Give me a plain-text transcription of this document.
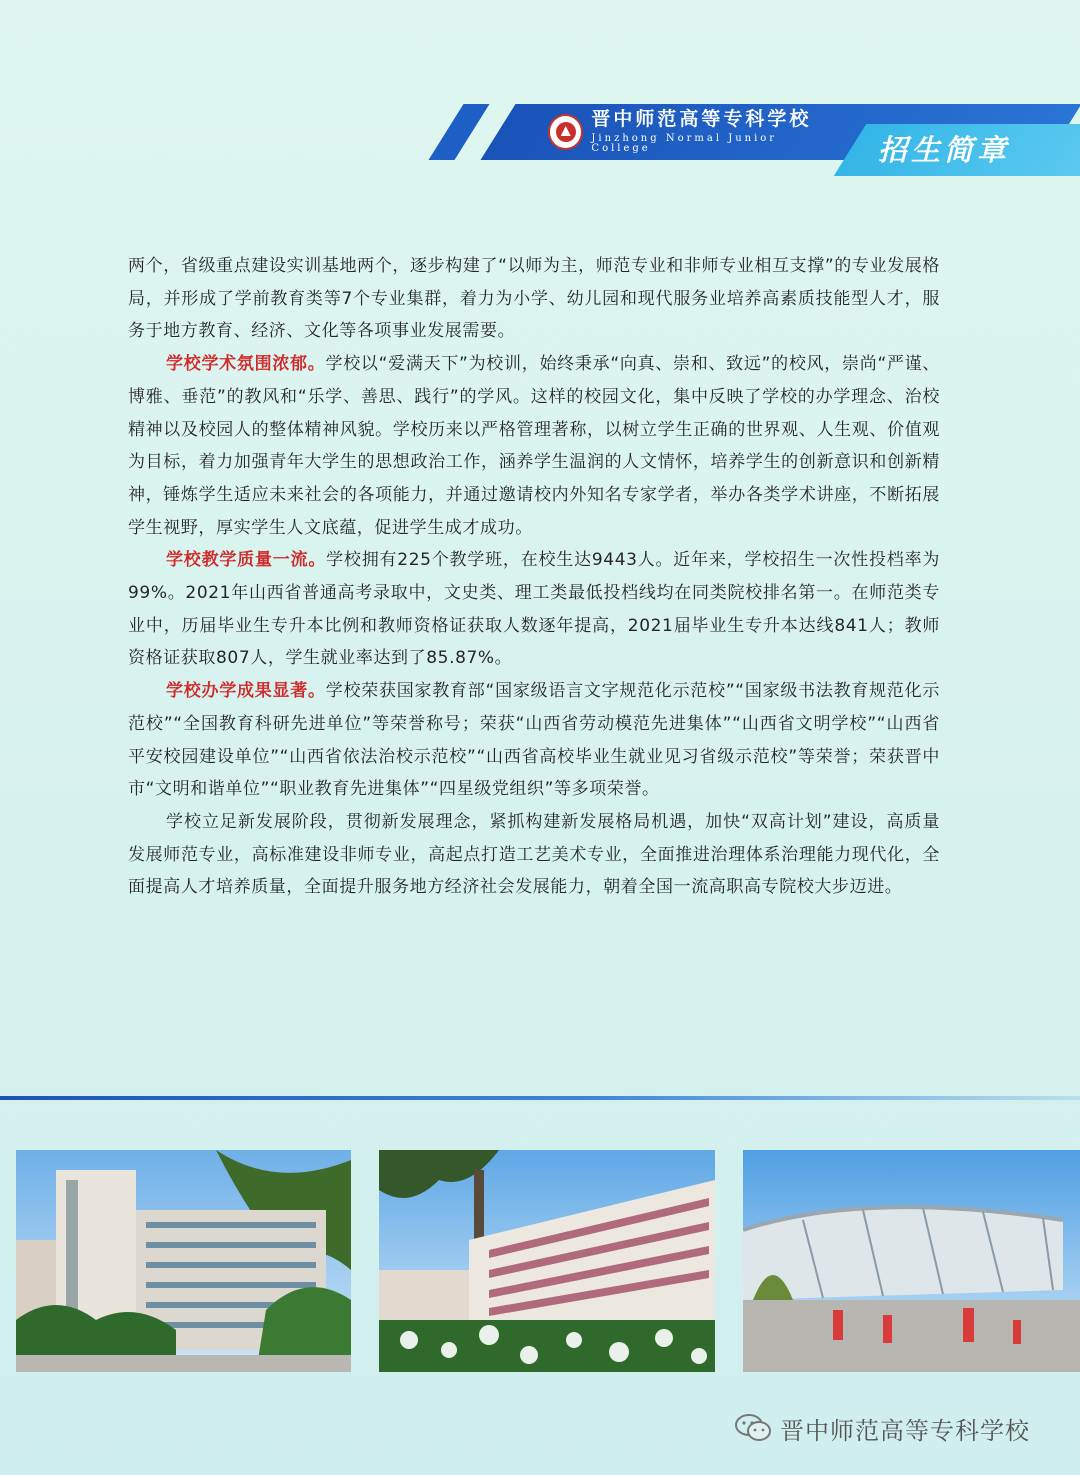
晋中师范高等专科学校
Jinzhong Normal Junior College	招生简章

两个，省级重点建设实训基地两个，逐步构建了“以师为主，师范专业和非师专业相互支撑”的专业发展格局，并形成了学前教育类等7个专业集群，着力为小学、幼儿园和现代服务业培养高素质技能型人才，服务于地方教育、经济、文化等各项事业发展需要。

学校学术氛围浓郁。学校以“爱满天下”为校训，始终秉承“向真、崇和、致远”的校风，崇尚“严谨、博雅、垂范”的教风和“乐学、善思、践行”的学风。这样的校园文化，集中反映了学校的办学理念、治校精神以及校园人的整体精神风貌。学校历来以严格管理著称，以树立学生正确的世界观、人生观、价值观为目标，着力加强青年大学生的思想政治工作，涵养学生温润的人文情怀，培养学生的创新意识和创新精神，锤炼学生适应未来社会的各项能力，并通过邀请校内外知名专家学者，举办各类学术讲座，不断拓展学生视野，厚实学生人文底蕴，促进学生成才成功。

学校教学质量一流。学校拥有225个教学班，在校生达9443人。近年来，学校招生一次性投档率为99%。2021年山西省普通高考录取中，文史类、理工类最低投档线均在同类院校排名第一。在师范类专业中，历届毕业生专升本比例和教师资格证获取人数逐年提高，2021届毕业生专升本达线841人；教师资格证获取807人，学生就业率达到了85.87%。

学校办学成果显著。学校荣获国家教育部“国家级语言文字规范化示范校”“国家级书法教育规范化示范校”“全国教育科研先进单位”等荣誉称号；荣获“山西省劳动模范先进集体”“山西省文明学校”“山西省平安校园建设单位”“山西省依法治校示范校”“山西省高校毕业生就业见习省级示范校”等荣誉；荣获晋中市“文明和谐单位”“职业教育先进集体”“四星级党组织”等多项荣誉。

学校立足新发展阶段，贯彻新发展理念，紧抓构建新发展格局机遇，加快“双高计划”建设，高质量发展师范专业，高标准建设非师专业，高起点打造工艺美术专业，全面推进治理体系治理能力现代化，全面提高人才培养质量，全面提升服务地方经济社会发展能力，朝着全国一流高职高专院校大步迈进。

晋中师范高等专科学校
